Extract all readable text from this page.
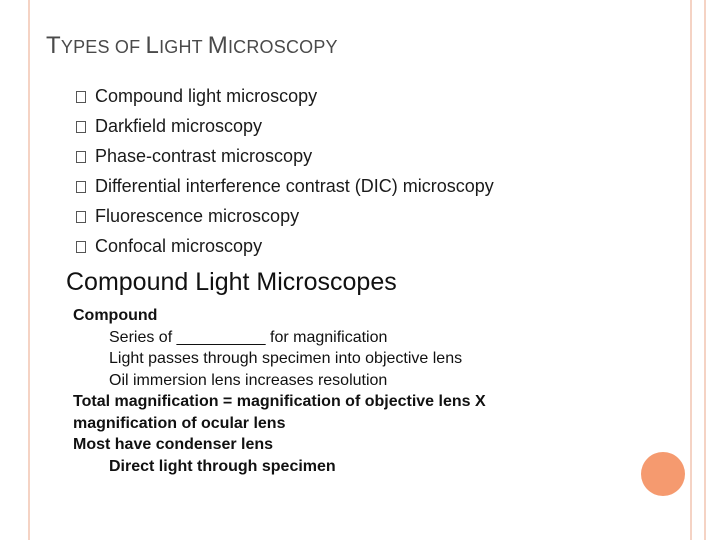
TYPES OF LIGHT MICROSCOPY
Compound light microscopy
Darkfield microscopy
Phase-contrast microscopy
Differential interference contrast (DIC) microscopy
Fluorescence microscopy
Confocal microscopy
Compound Light Microscopes
Compound
Series of __________ for magnification
Light passes through specimen into objective lens
Oil immersion lens increases resolution
Total magnification = magnification of objective lens X
magnification of ocular lens
Most have condenser lens
Direct light through specimen
